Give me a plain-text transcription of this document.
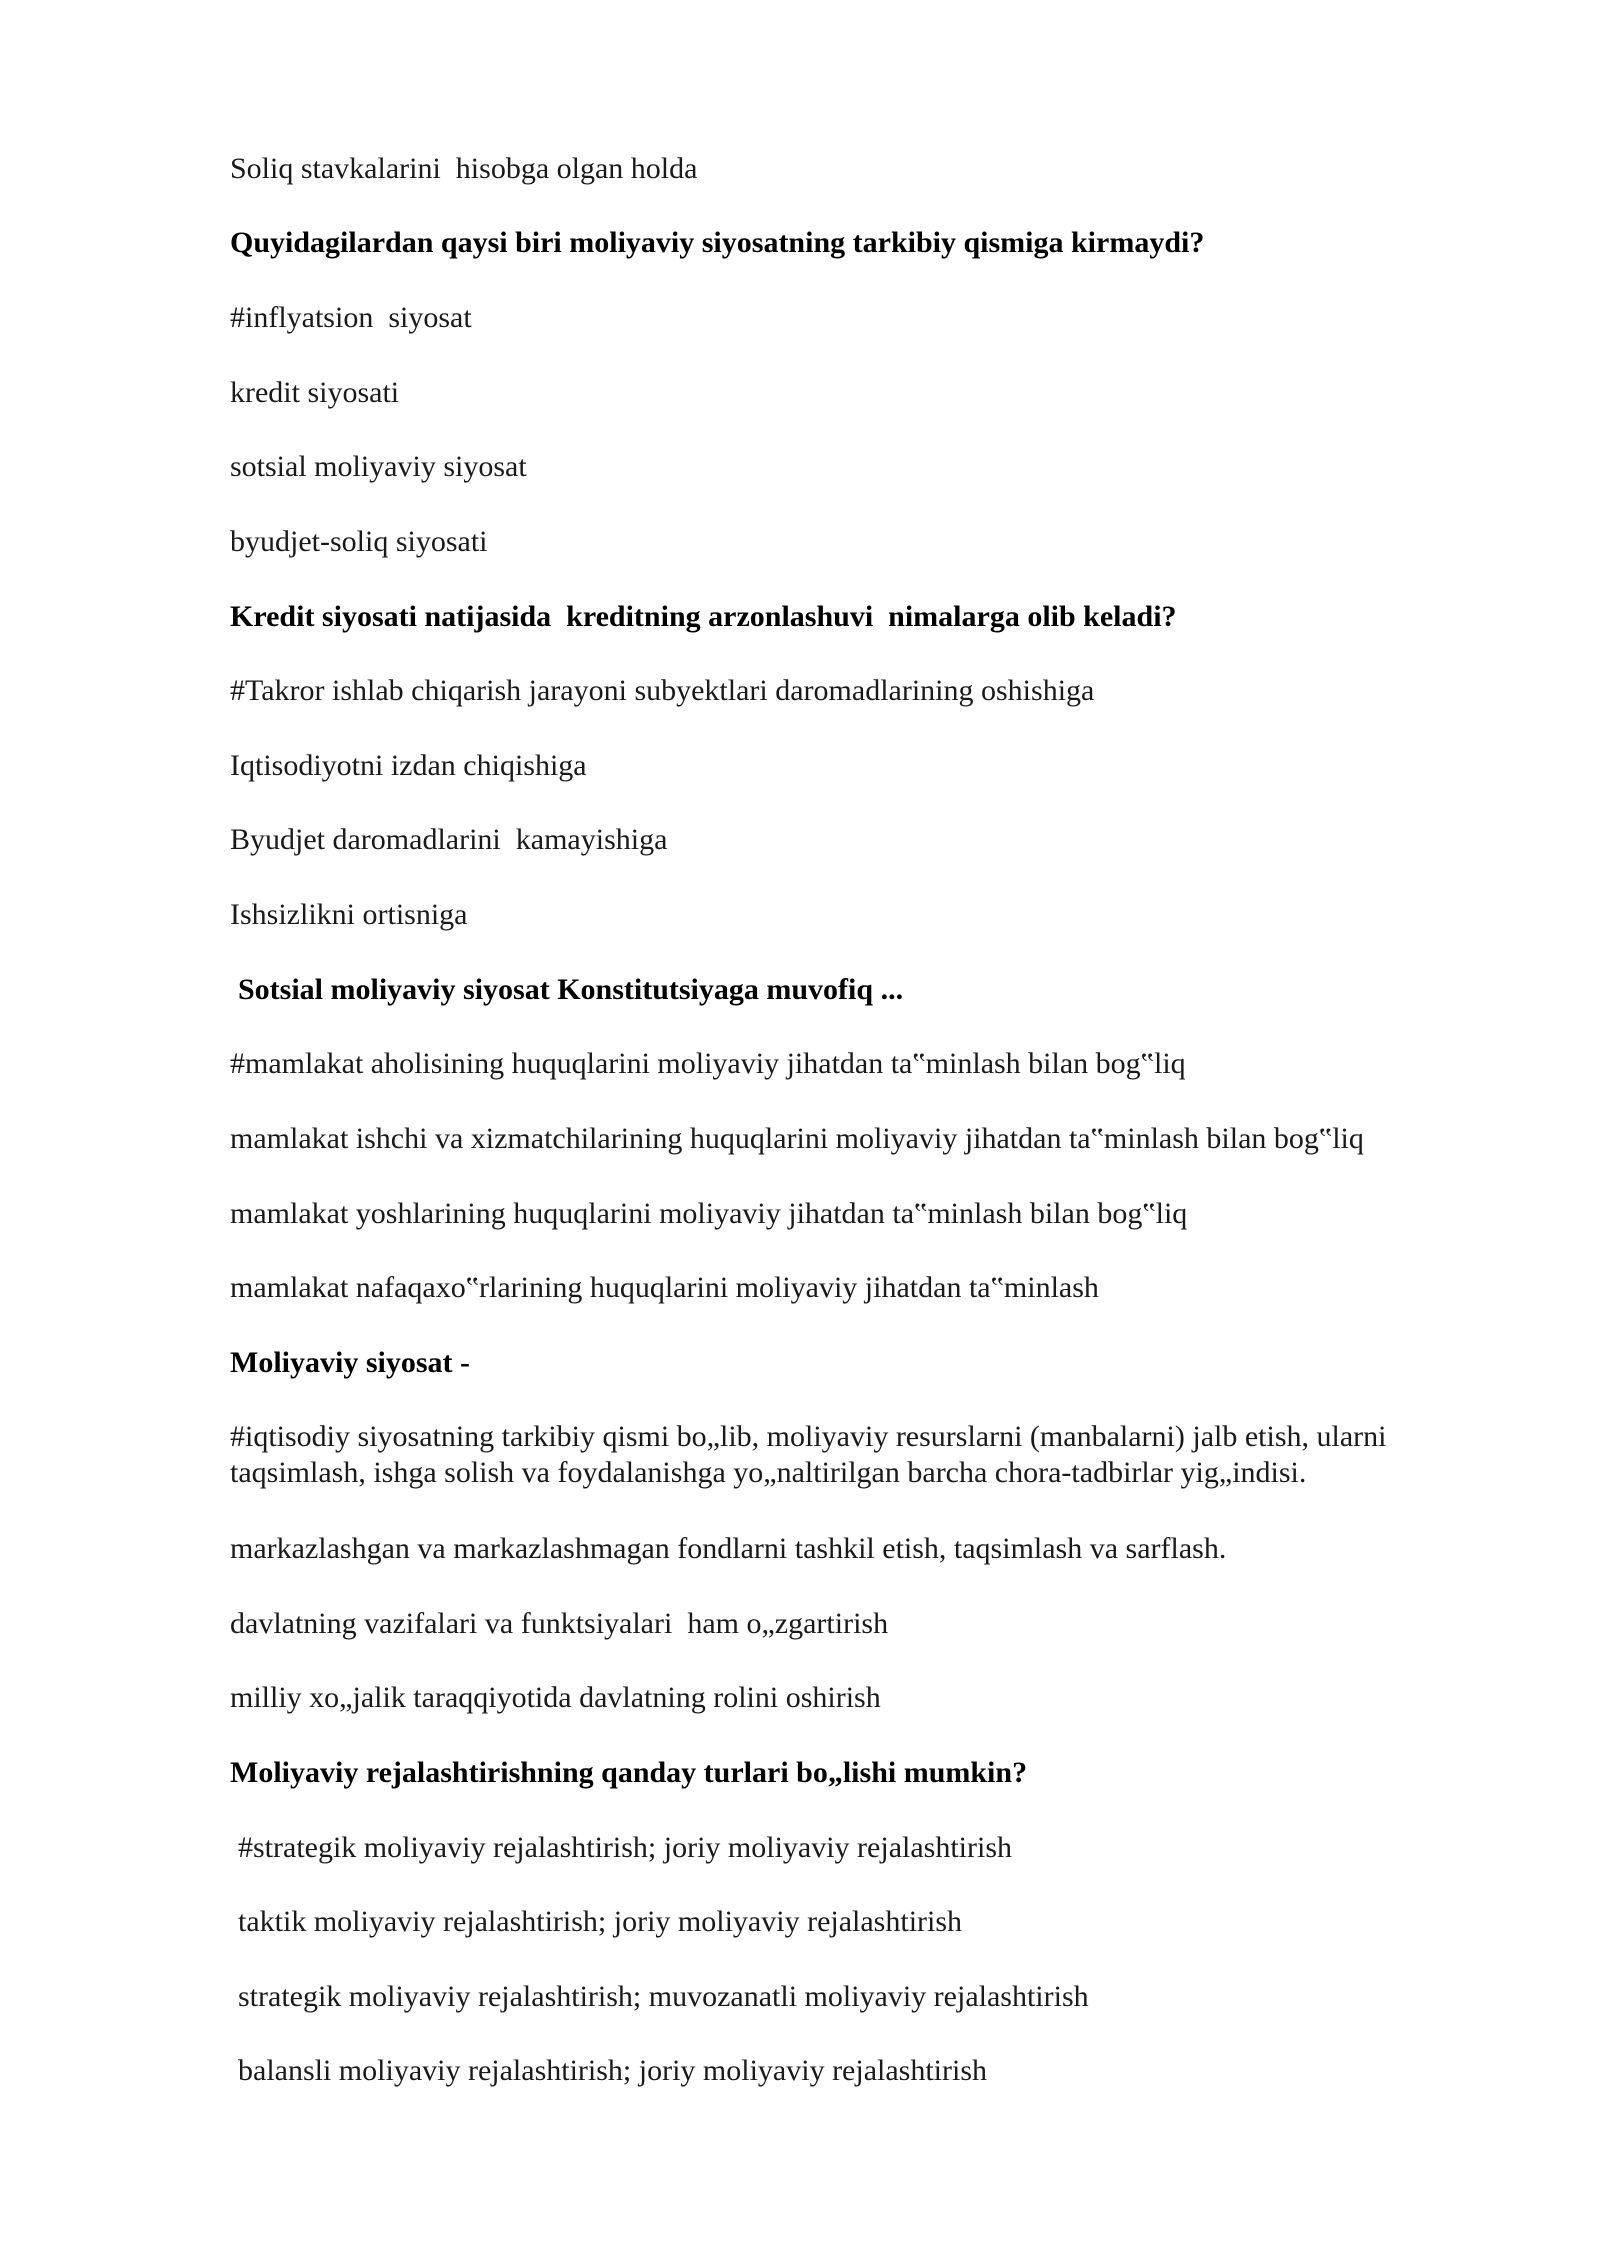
Soliq stavkalarini  hisobga olgan holda
Quyidagilardan qaysi biri moliyaviy siyosatning tarkibiy qismiga kirmaydi?
#inflyatsion  siyosat
kredit siyosati
sotsial moliyaviy siyosat
byudjet-soliq siyosati
Kredit siyosati natijasida  kreditning arzonlashuvi  nimalarga olib keladi?
#Takror ishlab chiqarish jarayoni subyektlari daromadlarining oshishiga
Iqtisodiyotni izdan chiqishiga
Byudjet daromadlarini  kamayishiga
Ishsizlikni ortisniga
Sotsial moliyaviy siyosat Konstitutsiyaga muvofiq ...
#mamlakat aholisining huquqlarini moliyaviy jihatdan ta‟minlash bilan bog‟liq
mamlakat ishchi va xizmatchilarining huquqlarini moliyaviy jihatdan ta‟minlash bilan bog‟liq
mamlakat yoshlarining huquqlarini moliyaviy jihatdan ta‟minlash bilan bog‟liq
mamlakat nafaqaxo‟rlarining huquqlarini moliyaviy jihatdan ta‟minlash
Moliyaviy siyosat -
#iqtisodiy siyosatning tarkibiy qismi bo„lib, moliyaviy resurslarni (manbalarni) jalb etish, ularni taqsimlash, ishga solish va foydalanishga yo„naltirilgan barcha chora-tadbirlar yig„indisi.
markazlashgan va markazlashmagan fondlarni tashkil etish, taqsimlash va sarflash.
davlatning vazifalari va funktsiyalari  ham o„zgartirish
milliy xo„jalik taraqqiyotida davlatning rolini oshirish
Moliyaviy rejalashtirishning qanday turlari bo„lishi mumkin?
#strategik moliyaviy rejalashtirish; joriy moliyaviy rejalashtirish
taktik moliyaviy rejalashtirish; joriy moliyaviy rejalashtirish
strategik moliyaviy rejalashtirish; muvozanatli moliyaviy rejalashtirish
balansli moliyaviy rejalashtirish; joriy moliyaviy rejalashtirish
